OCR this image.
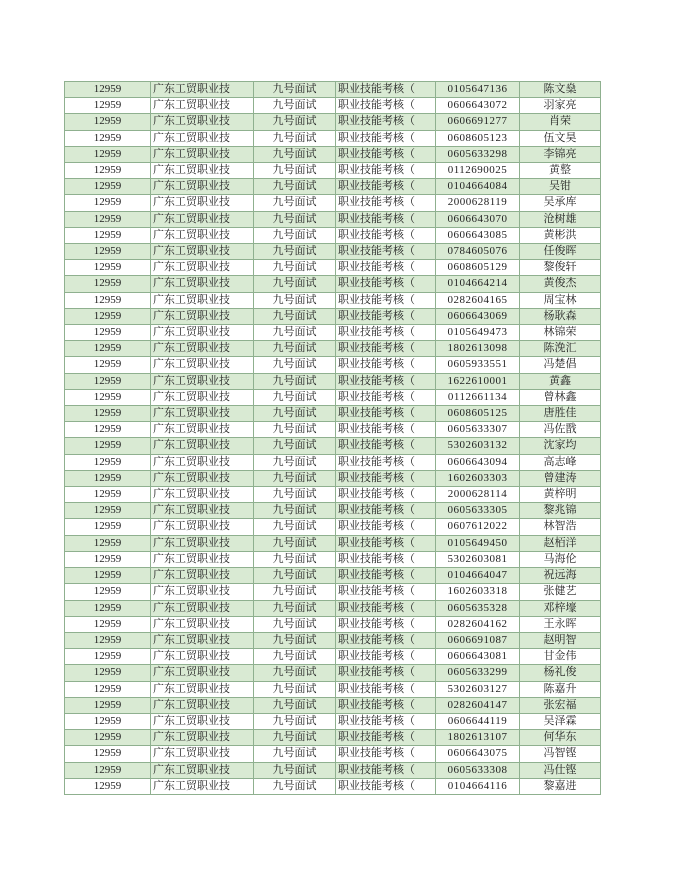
12959	广东工贸职业技	九号面试	职业技能考核（	0105647136	陈文燊
12959	广东工贸职业技	九号面试	职业技能考核（	0606643072	羽家亮
12959	广东工贸职业技	九号面试	职业技能考核（	0606691277	肖荣
12959	广东工贸职业技	九号面试	职业技能考核（	0608605123	伍文昊
12959	广东工贸职业技	九号面试	职业技能考核（	0605633298	李锦亮
12959	广东工贸职业技	九号面试	职业技能考核（	0112690025	黄整
12959	广东工贸职业技	九号面试	职业技能考核（	0104664084	吴钳
12959	广东工贸职业技	九号面试	职业技能考核（	2000628119	吴承库
12959	广东工贸职业技	九号面试	职业技能考核（	0606643070	沧树雄
12959	广东工贸职业技	九号面试	职业技能考核（	0606643085	黄彬洪
12959	广东工贸职业技	九号面试	职业技能考核（	0784605076	任俊晖
12959	广东工贸职业技	九号面试	职业技能考核（	0608605129	黎俊轩
12959	广东工贸职业技	九号面试	职业技能考核（	0104664214	黄俊杰
12959	广东工贸职业技	九号面试	职业技能考核（	0282604165	周宝林
12959	广东工贸职业技	九号面试	职业技能考核（	0606643069	杨耿森
12959	广东工贸职业技	九号面试	职业技能考核（	0105649473	林锦荣
12959	广东工贸职业技	九号面试	职业技能考核（	1802613098	陈浼汇
12959	广东工贸职业技	九号面试	职业技能考核（	0605933551	冯楚倡
12959	广东工贸职业技	九号面试	职业技能考核（	1622610001	黄鑫
12959	广东工贸职业技	九号面试	职业技能考核（	0112661134	曾林鑫
12959	广东工贸职业技	九号面试	职业技能考核（	0608605125	唐胜佳
12959	广东工贸职业技	九号面试	职业技能考核（	0605633307	冯佐戬
12959	广东工贸职业技	九号面试	职业技能考核（	5302603132	沈家均
12959	广东工贸职业技	九号面试	职业技能考核（	0606643094	高志峰
12959	广东工贸职业技	九号面试	职业技能考核（	1602603303	曾建涛
12959	广东工贸职业技	九号面试	职业技能考核（	2000628114	黄梓明
12959	广东工贸职业技	九号面试	职业技能考核（	0605633305	黎兆锦
12959	广东工贸职业技	九号面试	职业技能考核（	0607612022	林智浩
12959	广东工贸职业技	九号面试	职业技能考核（	0105649450	赵栢洋
12959	广东工贸职业技	九号面试	职业技能考核（	5302603081	马海伦
12959	广东工贸职业技	九号面试	职业技能考核（	0104664047	祝远海
12959	广东工贸职业技	九号面试	职业技能考核（	1602603318	张健艺
12959	广东工贸职业技	九号面试	职业技能考核（	0605635328	邓梓壕
12959	广东工贸职业技	九号面试	职业技能考核（	0282604162	王永晖
12959	广东工贸职业技	九号面试	职业技能考核（	0606691087	赵明智
12959	广东工贸职业技	九号面试	职业技能考核（	0606643081	甘金伟
12959	广东工贸职业技	九号面试	职业技能考核（	0605633299	杨礼俊
12959	广东工贸职业技	九号面试	职业技能考核（	5302603127	陈嘉升
12959	广东工贸职业技	九号面试	职业技能考核（	0282604147	张宏福
12959	广东工贸职业技	九号面试	职业技能考核（	0606644119	吴泽霖
12959	广东工贸职业技	九号面试	职业技能考核（	1802613107	何华东
12959	广东工贸职业技	九号面试	职业技能考核（	0606643075	冯智铿
12959	广东工贸职业技	九号面试	职业技能考核（	0605633308	冯仕铿
12959	广东工贸职业技	九号面试	职业技能考核（	0104664116	黎嘉进
